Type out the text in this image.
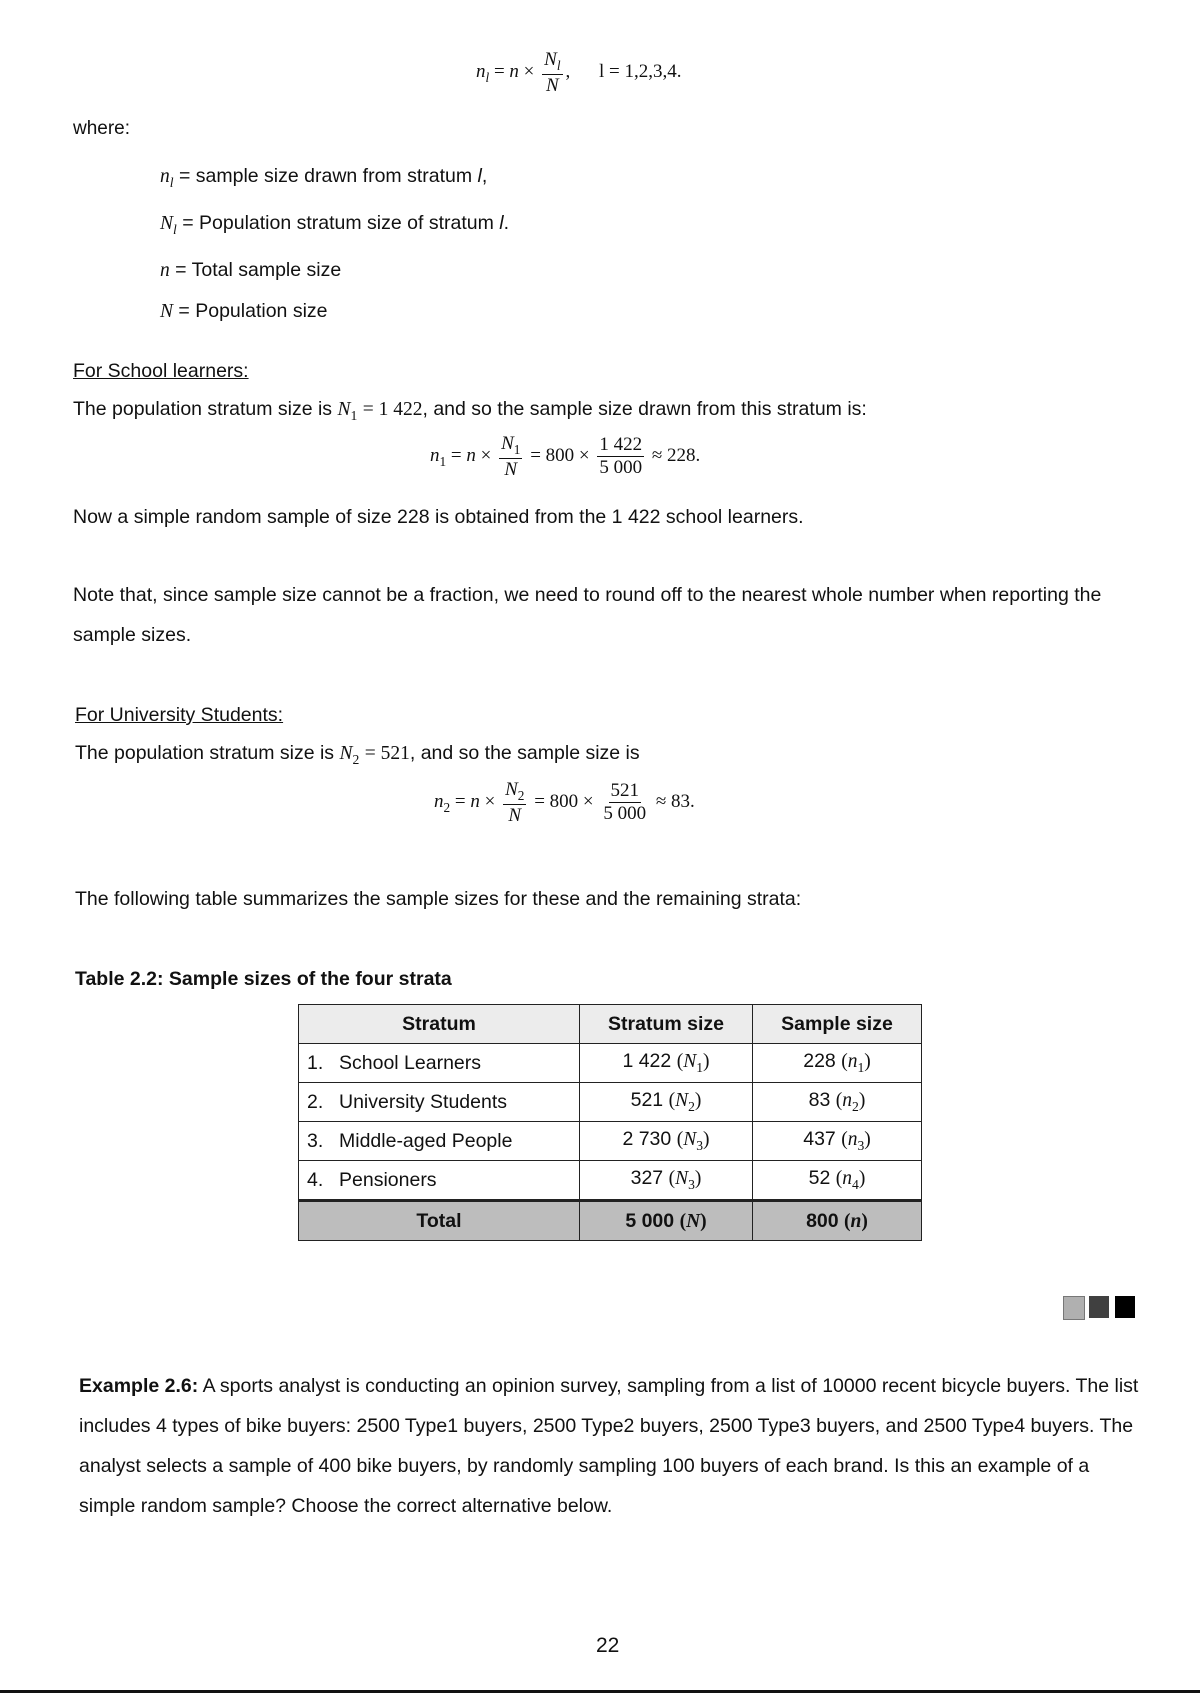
$n_l = n \times \frac{N_l}{N}$ , l = 1,2,3,4.
where:
$n_l$ = sample size drawn from stratum l,
$N_l$ = Population stratum size of stratum l.
n = Total sample size
N = Population size
For School learners:
The population stratum size is $N_1 = 1$ 422, and so the sample size drawn from this stratum is:
$n_1 = n \times \frac{N_1}{N} = 800 \times \frac{1 422}{5 000} \approx 228$.
Now a simple random sample of size 228 is obtained from the 1 422 school learners.
Note that, since sample size cannot be a fraction, we need to round off to the nearest whole number when reporting the sample sizes.
For University Students:
The population stratum size is $N_2 = 521$, and so the sample size is
$n_2 = n \times \frac{N_2}{N} = 800 \times \frac{521}{5 000} \approx 83$.
The following table summarizes the sample sizes for these and the remaining strata:
Table 2.2: Sample sizes of the four strata
Stratum		Stratum size	Sample size
1.	School Learners	1 422 $(N_1)$	228 $(n_1)$
2.	University Students	521 $(N_2)$	83 $(n_2)$
3.	Middle-aged People	2 730 $(N_3)$	437 $(n_3)$
4.	Pensioners	327 $(N_3)$	52 $(n_4)$
Total		5 000 (N)	800 (n)
Example 2.6: A sports analyst is conducting an opinion survey, sampling from a list of 10000 recent bicycle buyers. The list includes 4 types of bike buyers: 2500 Type1 buyers, 2500 Type2 buyers, 2500 Type3 buyers, and 2500 Type4 buyers. The analyst selects a sample of 400 bike buyers, by randomly sampling 100 buyers of each brand. Is this an example of a simple random sample? Choose the correct alternative below.
22
